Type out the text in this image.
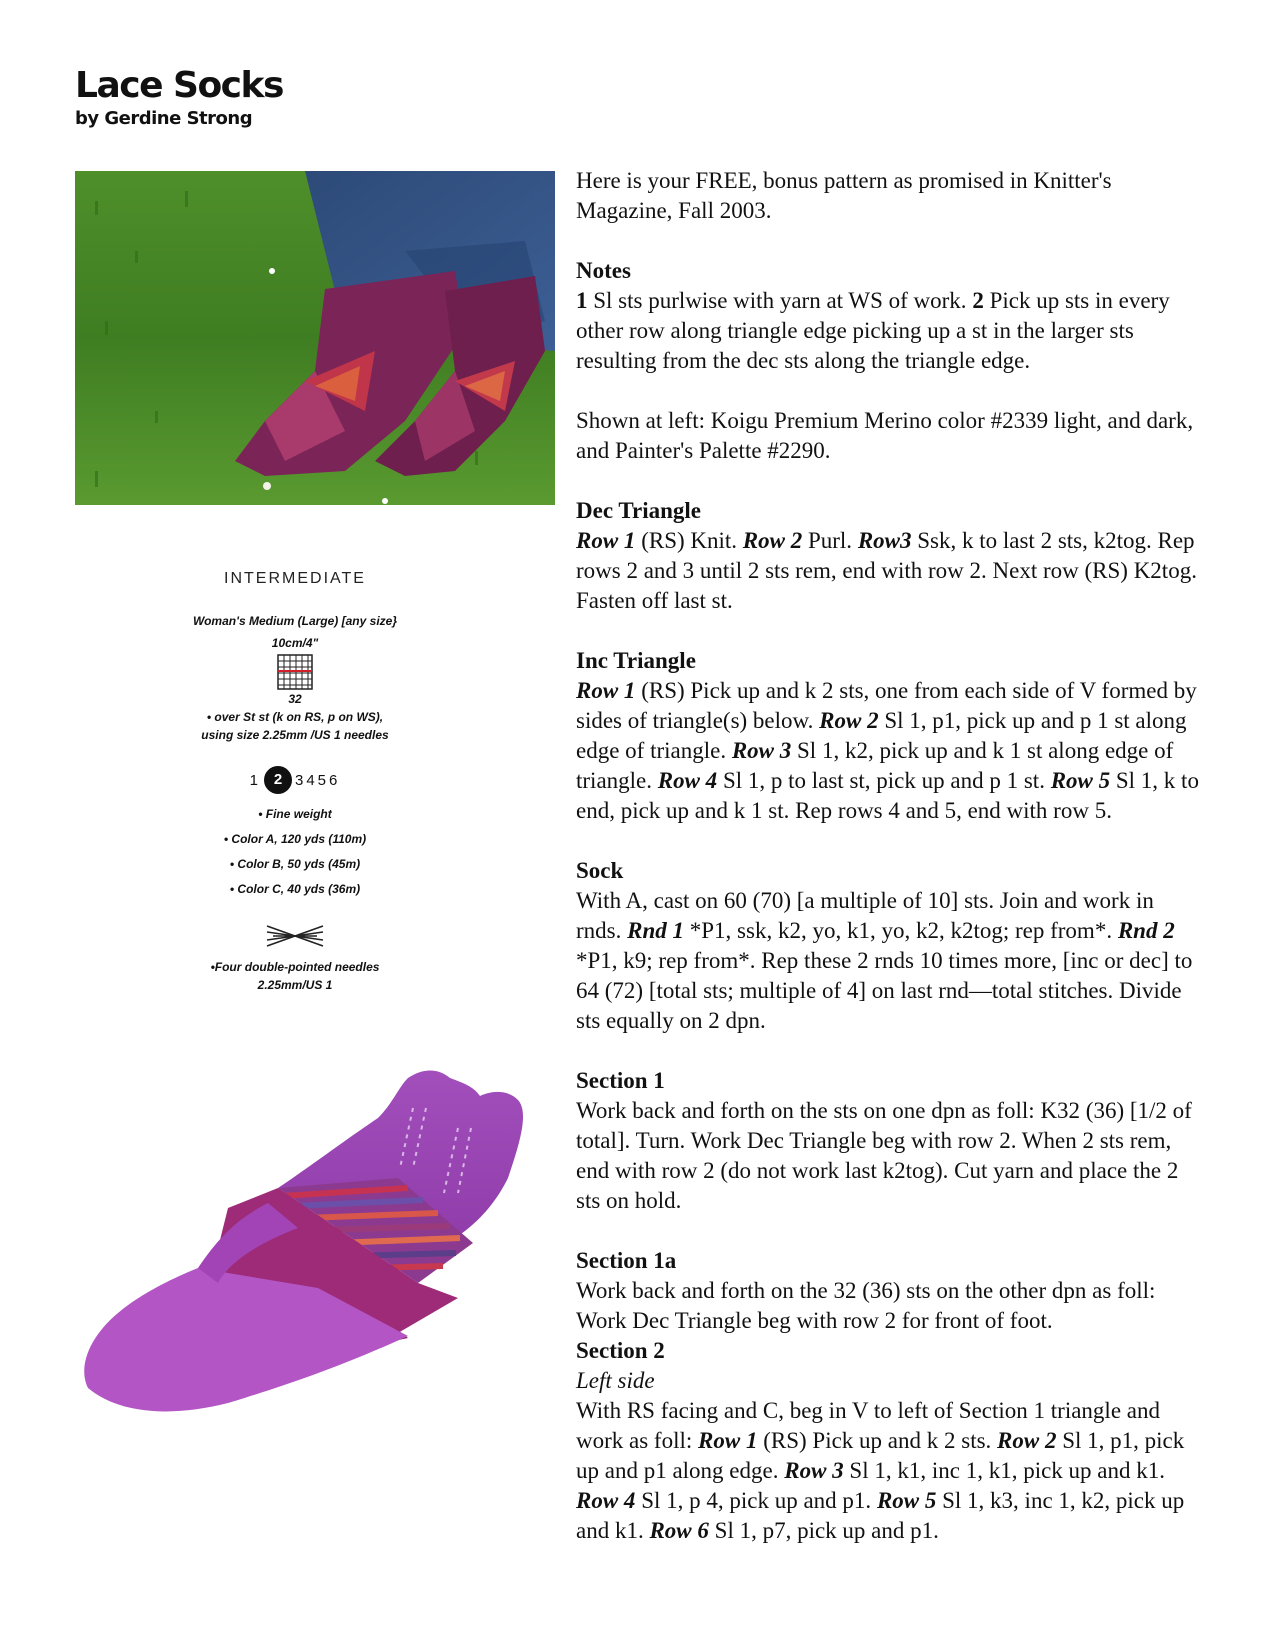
Lace Socks

by Gerdine Strong

INTERMEDIATE

Woman's Medium (Large) [any size}

10cm/4"

32

• over St st (k on RS, p on WS),

using size 2.25mm /US 1 needles

1 2 3 4 5 6

• Fine weight

• Color A, 120 yds (110m)

• Color B, 50 yds (45m)

• Color C, 40 yds (36m)

•Four double-pointed needles

2.25mm/US 1

Here is your FREE, bonus pattern as promised in Knitter's Magazine, Fall 2003.

Notes

1 Sl sts purlwise with yarn at WS of work. 2 Pick up sts in every other row along triangle edge picking up a st in the larger sts resulting from the dec sts along the triangle edge.

Shown at left: Koigu Premium Merino color #2339 light, and dark, and Painter's Palette #2290.

Dec Triangle

Row 1 (RS) Knit. Row 2 Purl. Row3 Ssk, k to last 2 sts, k2tog. Rep rows 2 and 3 until 2 sts rem, end with row 2. Next row (RS) K2tog. Fasten off last st.

Inc Triangle

Row 1 (RS) Pick up and k 2 sts, one from each side of V formed by sides of triangle(s) below. Row 2 Sl 1, p1, pick up and p 1 st along edge of triangle. Row 3 Sl 1, k2, pick up and k 1 st along edge of triangle. Row 4 Sl 1, p to last st, pick up and p 1 st. Row 5 Sl 1, k to end, pick up and k 1 st. Rep rows 4 and 5, end with row 5.

Sock

With A, cast on 60 (70) [a multiple of 10] sts. Join and work in rnds. Rnd 1 *P1, ssk, k2, yo, k1, yo, k2, k2tog; rep from*. Rnd 2 *P1, k9; rep from*. Rep these 2 rnds 10 times more, [inc or dec] to 64 (72) [total sts; multiple of 4] on last rnd—total stitches. Divide sts equally on 2 dpn.

Section 1

Work back and forth on the sts on one dpn as foll: K32 (36) [1/2 of total]. Turn. Work Dec Triangle beg with row 2. When 2 sts rem, end with row 2 (do not work last k2tog). Cut yarn and place the 2 sts on hold.

Section 1a

Work back and forth on the 32 (36) sts on the other dpn as foll: Work Dec Triangle beg with row 2 for front of foot.

Section 2

Left side

With RS facing and C, beg in V to left of Section 1 triangle and work as foll: Row 1 (RS) Pick up and k 2 sts. Row 2 Sl 1, p1, pick up and p1 along edge. Row 3 Sl 1, k1, inc 1, k1, pick up and k1. Row 4 Sl 1, p 4, pick up and p1. Row 5 Sl 1, k3, inc 1, k2, pick up and k1. Row 6 Sl 1, p7, pick up and p1.
